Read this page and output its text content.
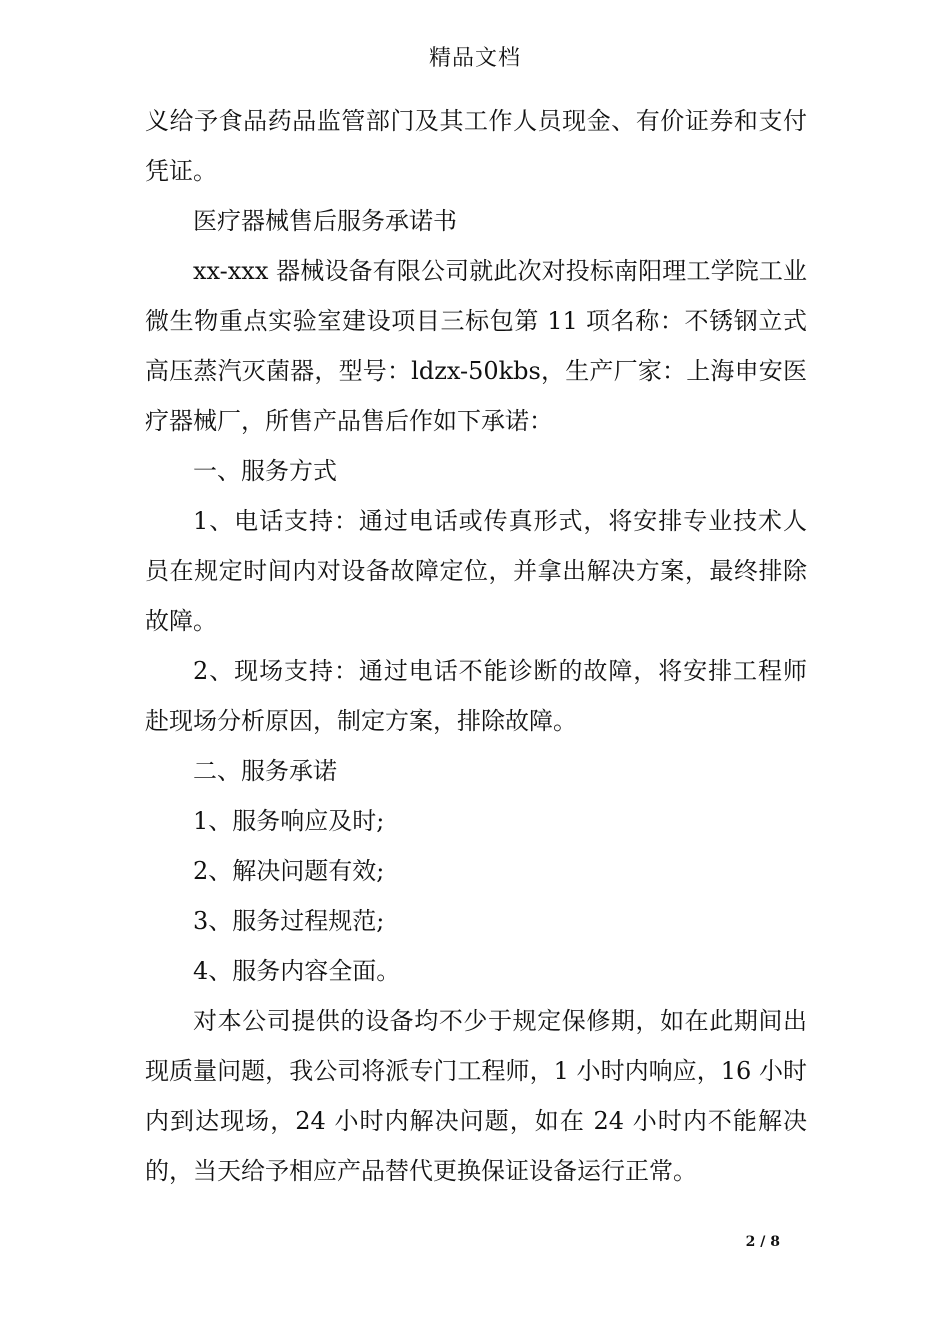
精品文档

义给予食品药品监管部门及其工作人员现金、有价证券和支付凭证。

医疗器械售后服务承诺书

xx-xxx 器械设备有限公司就此次对投标南阳理工学院工业微生物重点实验室建设项目三标包第 11 项名称：不锈钢立式高压蒸汽灭菌器，型号：ldzx-50kbs，生产厂家：上海申安医疗器械厂，所售产品售后作如下承诺：

一、服务方式

1、电话支持：通过电话或传真形式，将安排专业技术人员在规定时间内对设备故障定位，并拿出解决方案，最终排除故障。

2、现场支持：通过电话不能诊断的故障，将安排工程师赴现场分析原因，制定方案，排除故障。

二、服务承诺

1、服务响应及时;

2、解决问题有效;

3、服务过程规范;

4、服务内容全面。

对本公司提供的设备均不少于规定保修期，如在此期间出现质量问题，我公司将派专门工程师，1 小时内响应，16 小时内到达现场，24 小时内解决问题，如在 24 小时内不能解决的，当天给予相应产品替代更换保证设备运行正常。

2 / 8
